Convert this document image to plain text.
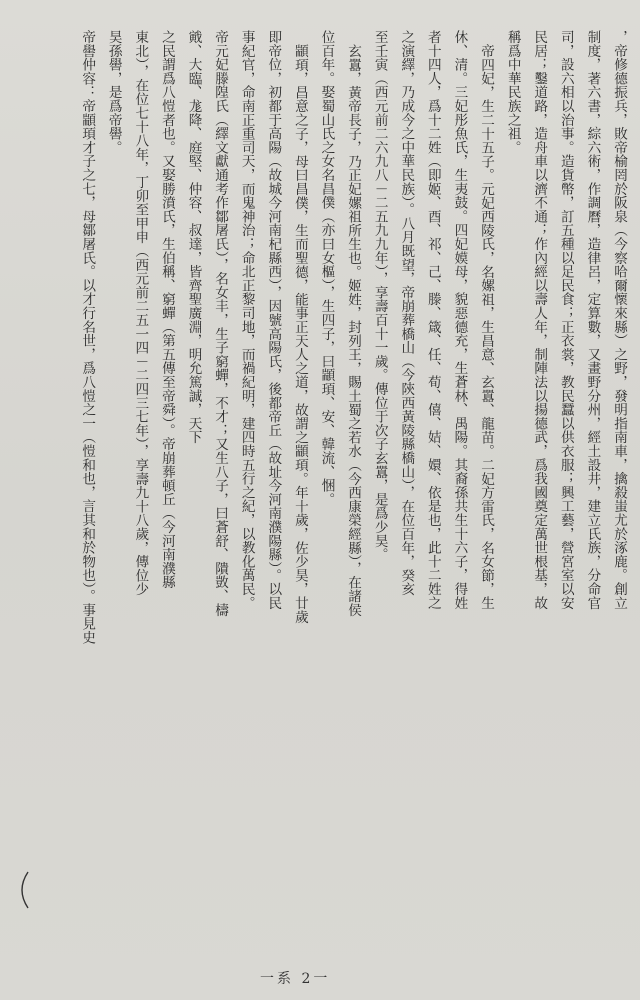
，帝修德振兵，敗帝榆罔於阪泉（今察哈爾懷來縣）之野，發明指南車，擒殺蚩尤於涿鹿。創立
制度，著六書，綜六術，作調曆，造律呂，定算數，又畫野分州，經土設井，建立氏族，分命官
司，設六相以治事。造貨幣，訂五種以足民食；正衣裳，教民蠶以供衣服；興工藝，營宮室以安
民居；鑿道路，造舟車以濟不通；作內經以壽人年，制陣法以揚德武，爲我國奠定萬世根基，故
稱爲中華民族之祖。
帝四妃，生二十五子。元妃西陵氏，名嫘祖，生昌意、玄囂、龍苗。二妃方雷氏，名女節，生
休、清。三妃彤魚氏，生夷鼓。四妃嫫母，貌惡德充，生蒼林、禺陽。其裔孫共生十六子，得姓
者十四人，爲十二姓（即姬、酉、祁、己、滕、箴、任、荀、僖、姞、嬛、依是也，此十二姓之
之演繹，乃成今之中華民族）。八月既望，帝崩葬橋山（今陝西黃陵縣橋山），在位百年，癸亥
至壬寅（西元前二六九八－二五九九年），享壽百十一歲。傳位于次子玄囂，是爲少昊。
玄囂，黃帝長子，乃正妃嫘祖所生也。姬姓，封列王，賜土蜀之若水（今西康榮經縣），在諸侯
位百年。娶蜀山氏之女名昌僕（亦曰女樞），生四子，曰顓頊、安、韓流、悃。
顓頊，昌意之子，母曰昌僕，生而聖德，能事正天人之道，故謂之顓頊。年十歲，佐少昊，廿歲
即帝位，初都于高陽（故城今河南杞縣西），因號高陽氏，後都帝丘（故址今河南濮陽縣）。以民
事紀官，命南正重司天，而鬼神治；命北正黎司地，而禍紀明，建四時五行之紀，以教化萬民。
帝元妃滕隍氏（繹文獻通考作鄒屠氏），名女丰，生子窮蟬，不才；又生八子，曰蒼舒、隤敳、檮
戭、大臨、尨降、庭堅、仲容、叔達，皆齊聖廣淵，明允篤誠，天下
之民謂爲八愷者也。又娶勝濆氏，生伯稱、窮蟬（第五傳至帝舜）。帝崩葬頓丘（今河南濮縣
東北），在位七十八年，丁卯至甲申（西元前二五一四－二四三七年），享壽九十八歲，傳位少
昊孫嚳，是爲帝嚳。
帝嚳仲容：帝顓頊才子之七，母鄒屠氏。以才行名世，爲八愷之一（愷和也，言其和於物也）。事見史
一系 2一
